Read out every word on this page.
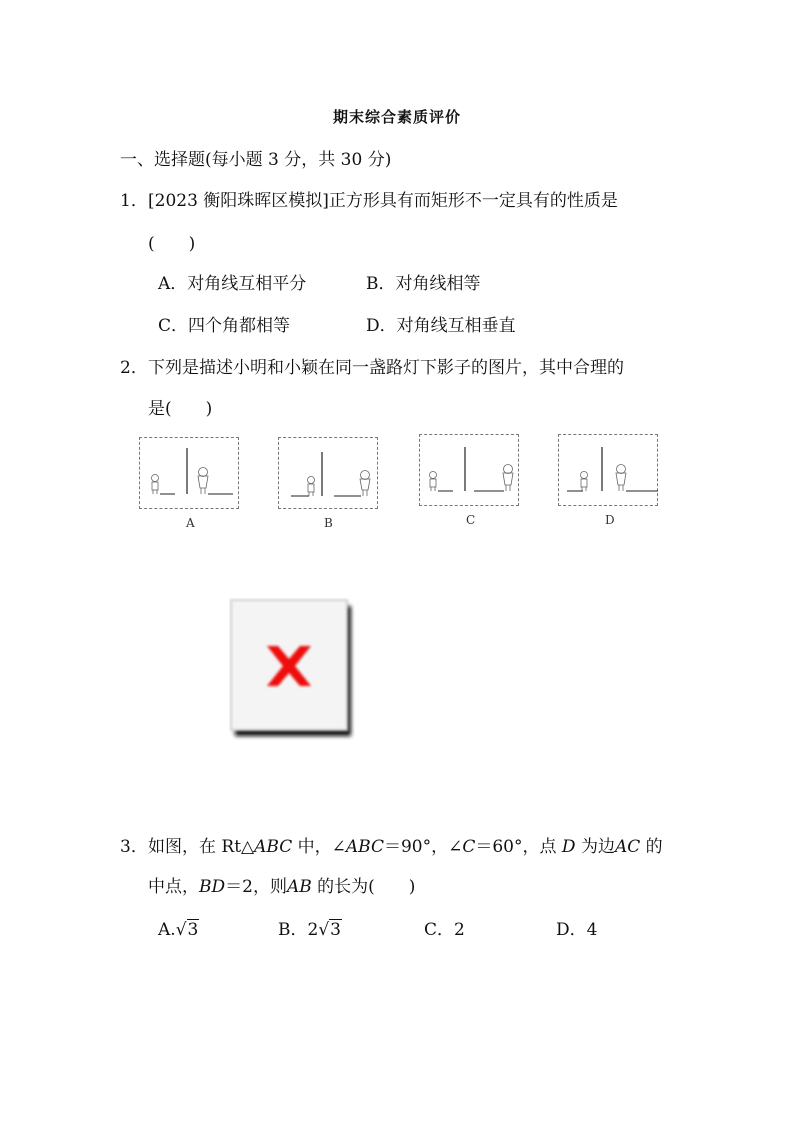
期末综合素质评价
一、选择题(每小题 3 分，共 30 分)
1． [2023 衡阳珠晖区模拟]正方形具有而矩形不一定具有的性质是
(　　)
A．对角线互相平分	B．对角线相等
C．四个角都相等	D．对角线互相垂直
2． 下列是描述小明和小颖在同一盏路灯下影子的图片，其中合理的
是(　　)
A	B	C	D
3． 如图，在 Rt△ABC 中，∠ABC＝90°，∠C＝60°，点 D 为边AC 的
中点，BD＝2，则AB 的长为(　　)
A.√3	B．2√3	C．2	D．4
